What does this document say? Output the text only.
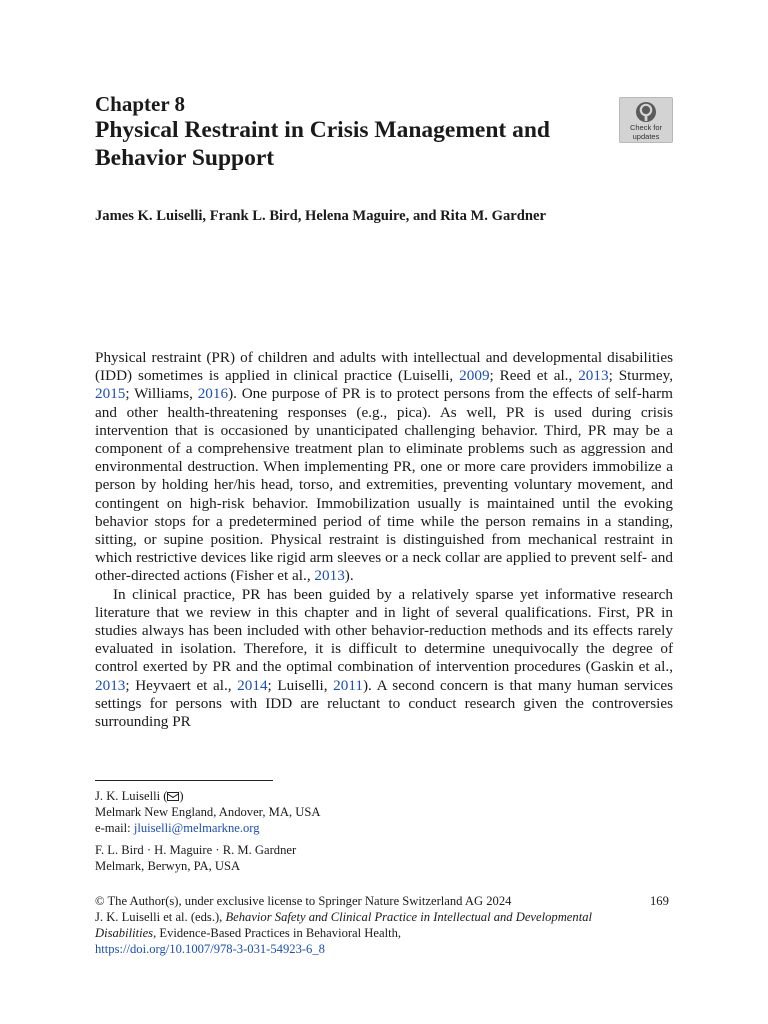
Chapter 8
Physical Restraint in Crisis Management and Behavior Support
Check for
updates
James K. Luiselli, Frank L. Bird, Helena Maguire, and Rita M. Gardner

Physical restraint (PR) of children and adults with intellectual and developmental disabilities (IDD) sometimes is applied in clinical practice (Luiselli, 2009; Reed et al., 2013; Sturmey, 2015; Williams, 2016). One purpose of PR is to protect persons from the effects of self-harm and other health-threatening responses (e.g., pica). As well, PR is used during crisis intervention that is occasioned by unanticipated challenging behavior. Third, PR may be a component of a comprehensive treatment plan to eliminate problems such as aggression and environmental destruction. When implementing PR, one or more care providers immobilize a person by holding her/his head, torso, and extremities, preventing voluntary movement, and contingent on high-risk behavior. Immobilization usually is maintained until the evoking behavior stops for a predetermined period of time while the person remains in a standing, sitting, or supine position. Physical restraint is distinguished from mechanical restraint in which restrictive devices like rigid arm sleeves or a neck collar are applied to prevent self- and other-directed actions (Fisher et al., 2013).

In clinical practice, PR has been guided by a relatively sparse yet informative research literature that we review in this chapter and in light of several qualifications. First, PR in studies always has been included with other behavior-reduction methods and its effects rarely evaluated in isolation. Therefore, it is difficult to determine unequivocally the degree of control exerted by PR and the optimal combination of intervention procedures (Gaskin et al., 2013; Heyvaert et al., 2014; Luiselli, 2011). A second concern is that many human services settings for persons with IDD are reluctant to conduct research given the controversies surrounding PR

J. K. Luiselli ( )
Melmark New England, Andover, MA, USA
e-mail: jluiselli@melmarkne.org
F. L. Bird · H. Maguire · R. M. Gardner
Melmark, Berwyn, PA, USA
© The Author(s), under exclusive license to Springer Nature Switzerland AG 2024
J. K. Luiselli et al. (eds.), Behavior Safety and Clinical Practice in Intellectual and Developmental Disabilities, Evidence-Based Practices in Behavioral Health,
https://doi.org/10.1007/978-3-031-54923-6_8
169
